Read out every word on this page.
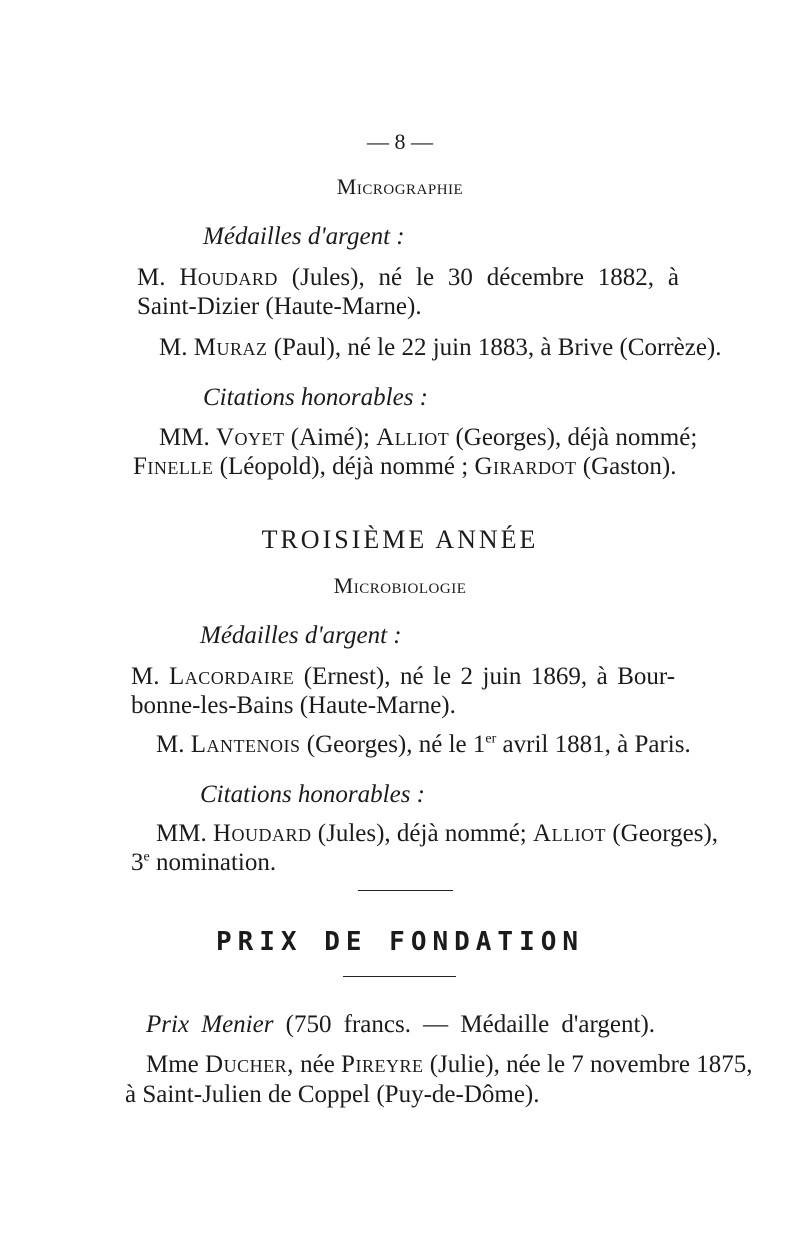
— 8 —
Micrographie
Médailles d'argent :
M. Houdard (Jules), né le 30 décembre 1882, à
Saint-Dizier (Haute-Marne).
M. Muraz (Paul), né le 22 juin 1883, à Brive (Corrèze).
Citations honorables :
MM. Voyet (Aimé); Alliot (Georges), déjà nommé;
Finelle (Léopold), déjà nommé ; Girardot (Gaston).
TROISIÈME ANNÉE
Microbiologie
Médailles d'argent :
M. Lacordaire (Ernest), né le 2 juin 1869, à Bour-
bonne-les-Bains (Haute-Marne).
M. Lantenois (Georges), né le 1er avril 1881, à Paris.
Citations honorables :
MM. Houdard (Jules), déjà nommé; Alliot (Georges),
3e nomination.
PRIX DE FONDATION
Prix Menier (750 francs. — Médaille d'argent).
Mme Ducher, née Pireyre (Julie), née le 7 novembre 1875,
à Saint-Julien de Coppel (Puy-de-Dôme).
